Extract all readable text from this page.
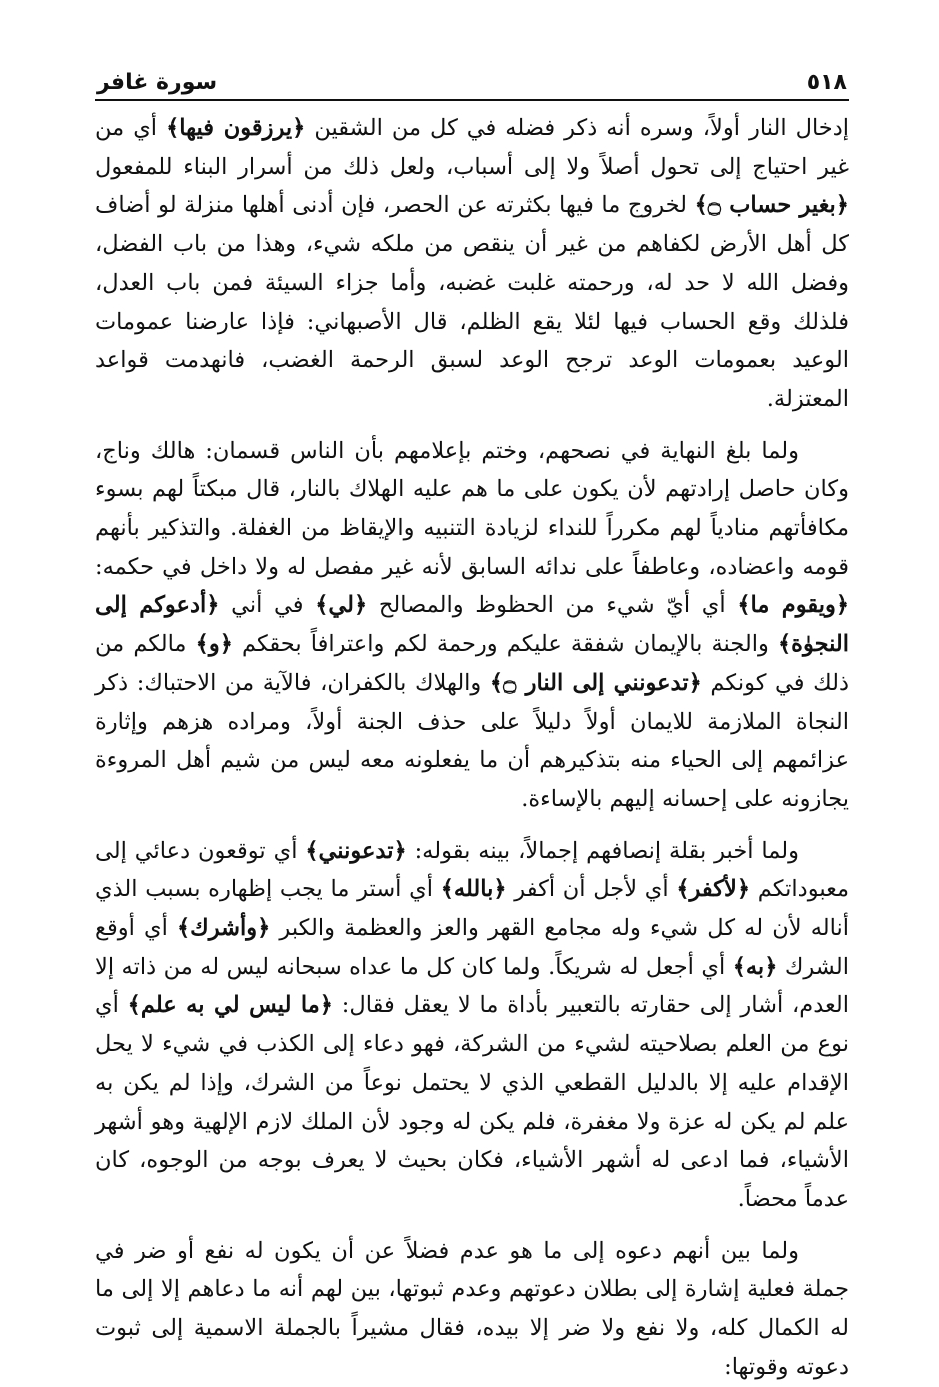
٥١٨
سورة غافر

إدخال النار أولاً، وسره أنه ذكر فضله في كل من الشقين ﴿يرزقون فيها﴾ أي من غير احتياج إلى تحول أصلاً ولا إلى أسباب، ولعل ذلك من أسرار البناء للمفعول ﴿بغير حساب ۝﴾ لخروج ما فيها بكثرته عن الحصر، فإن أدنى أهلها منزلة لو أضاف كل أهل الأرض لكفاهم من غير أن ينقص من ملكه شيء، وهذا من باب الفضل، وفضل الله لا حد له، ورحمته غلبت غضبه، وأما جزاء السيئة فمن باب العدل، فلذلك وقع الحساب فيها لئلا يقع الظلم، قال الأصبهاني: فإذا عارضنا عمومات الوعيد بعمومات الوعد ترجح الوعد لسبق الرحمة الغضب، فانهدمت قواعد المعتزلة.

ولما بلغ النهاية في نصحهم، وختم بإعلامهم بأن الناس قسمان: هالك وناج، وكان حاصل إرادتهم لأن يكون على ما هم عليه الهلاك بالنار، قال مبكتاً لهم بسوء مكافأتهم منادياً لهم مكرراً للنداء لزيادة التنبيه والإيقاظ من الغفلة. والتذكير بأنهم قومه واعضاده، وعاطفاً على ندائه السابق لأنه غير مفصل له ولا داخل في حكمه: ﴿ويقوم ما﴾ أي أيّ شيء من الحظوظ والمصالح ﴿لي﴾ في أني ﴿أدعوكم إلى النجوٰة﴾ والجنة بالإيمان شفقة عليكم ورحمة لكم واعترافاً بحقكم ﴿و﴾ مالكم من ذلك في كونكم ﴿تدعونني إلى النار ۝﴾ والهلاك بالكفران، فالآية من الاحتباك: ذكر النجاة الملازمة للايمان أولاً دليلاً على حذف الجنة أولاً، ومراده هزهم وإثارة عزائمهم إلى الحياء منه بتذكيرهم أن ما يفعلونه معه ليس من شيم أهل المروءة يجازونه على إحسانه إليهم بالإساءة.

ولما أخبر بقلة إنصافهم إجمالاً، بينه بقوله: ﴿تدعونني﴾ أي توقعون دعائي إلى معبوداتكم ﴿لأكفر﴾ أي لأجل أن أكفر ﴿بالله﴾ أي أستر ما يجب إظهاره بسبب الذي أناله لأن له كل شيء وله مجامع القهر والعز والعظمة والكبر ﴿وأشرك﴾ أي أوقع الشرك ﴿به﴾ أي أجعل له شريكاً. ولما كان كل ما عداه سبحانه ليس له من ذاته إلا العدم، أشار إلى حقارته بالتعبير بأداة ما لا يعقل فقال: ﴿ما ليس لي به علم﴾ أي نوع من العلم بصلاحيته لشيء من الشركة، فهو دعاء إلى الكذب في شيء لا يحل الإقدام عليه إلا بالدليل القطعي الذي لا يحتمل نوعاً من الشرك، وإذا لم يكن به علم لم يكن له عزة ولا مغفرة، فلم يكن له وجود لأن الملك لازم الإلهية وهو أشهر الأشياء، فما ادعى له أشهر الأشياء، فكان بحيث لا يعرف بوجه من الوجوه، كان عدماً محضاً.

ولما بين أنهم دعوه إلى ما هو عدم فضلاً عن أن يكون له نفع أو ضر في جملة فعلية إشارة إلى بطلان دعوتهم وعدم ثبوتها، بين لهم أنه ما دعاهم إلا إلى ما له الكمال كله، ولا نفع ولا ضر إلا بيده، فقال مشيراً بالجملة الاسمية إلى ثبوت دعوته وقوتها:
